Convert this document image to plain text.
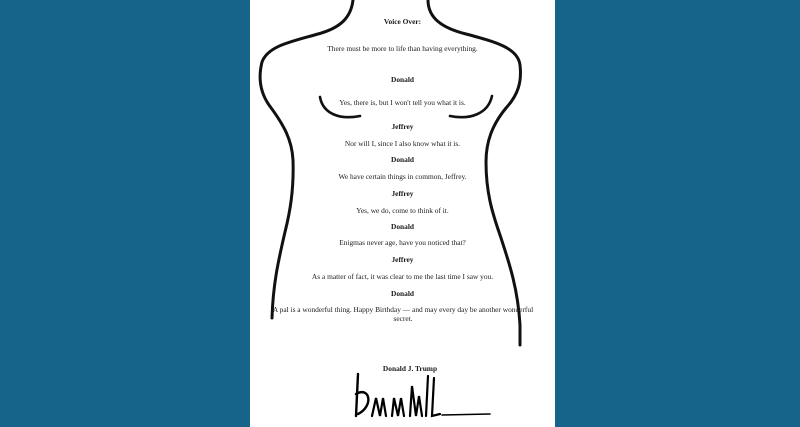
Voice Over:
There must be more to life than having everything.
Donald
Yes, there is, but I won't tell you what it is.
Jeffrey
Nor will I, since I also know what it is.
Donald
We have certain things in common, Jeffrey.
Jeffrey
Yes, we do, come to think of it.
Donald
Enigmas never age, have you noticed that?
Jeffrey
As a matter of fact, it was clear to me the last time I saw you.
Donald
A pal is a wonderful thing. Happy Birthday — and may every day be another wonderful secret.
Donald J. Trump
